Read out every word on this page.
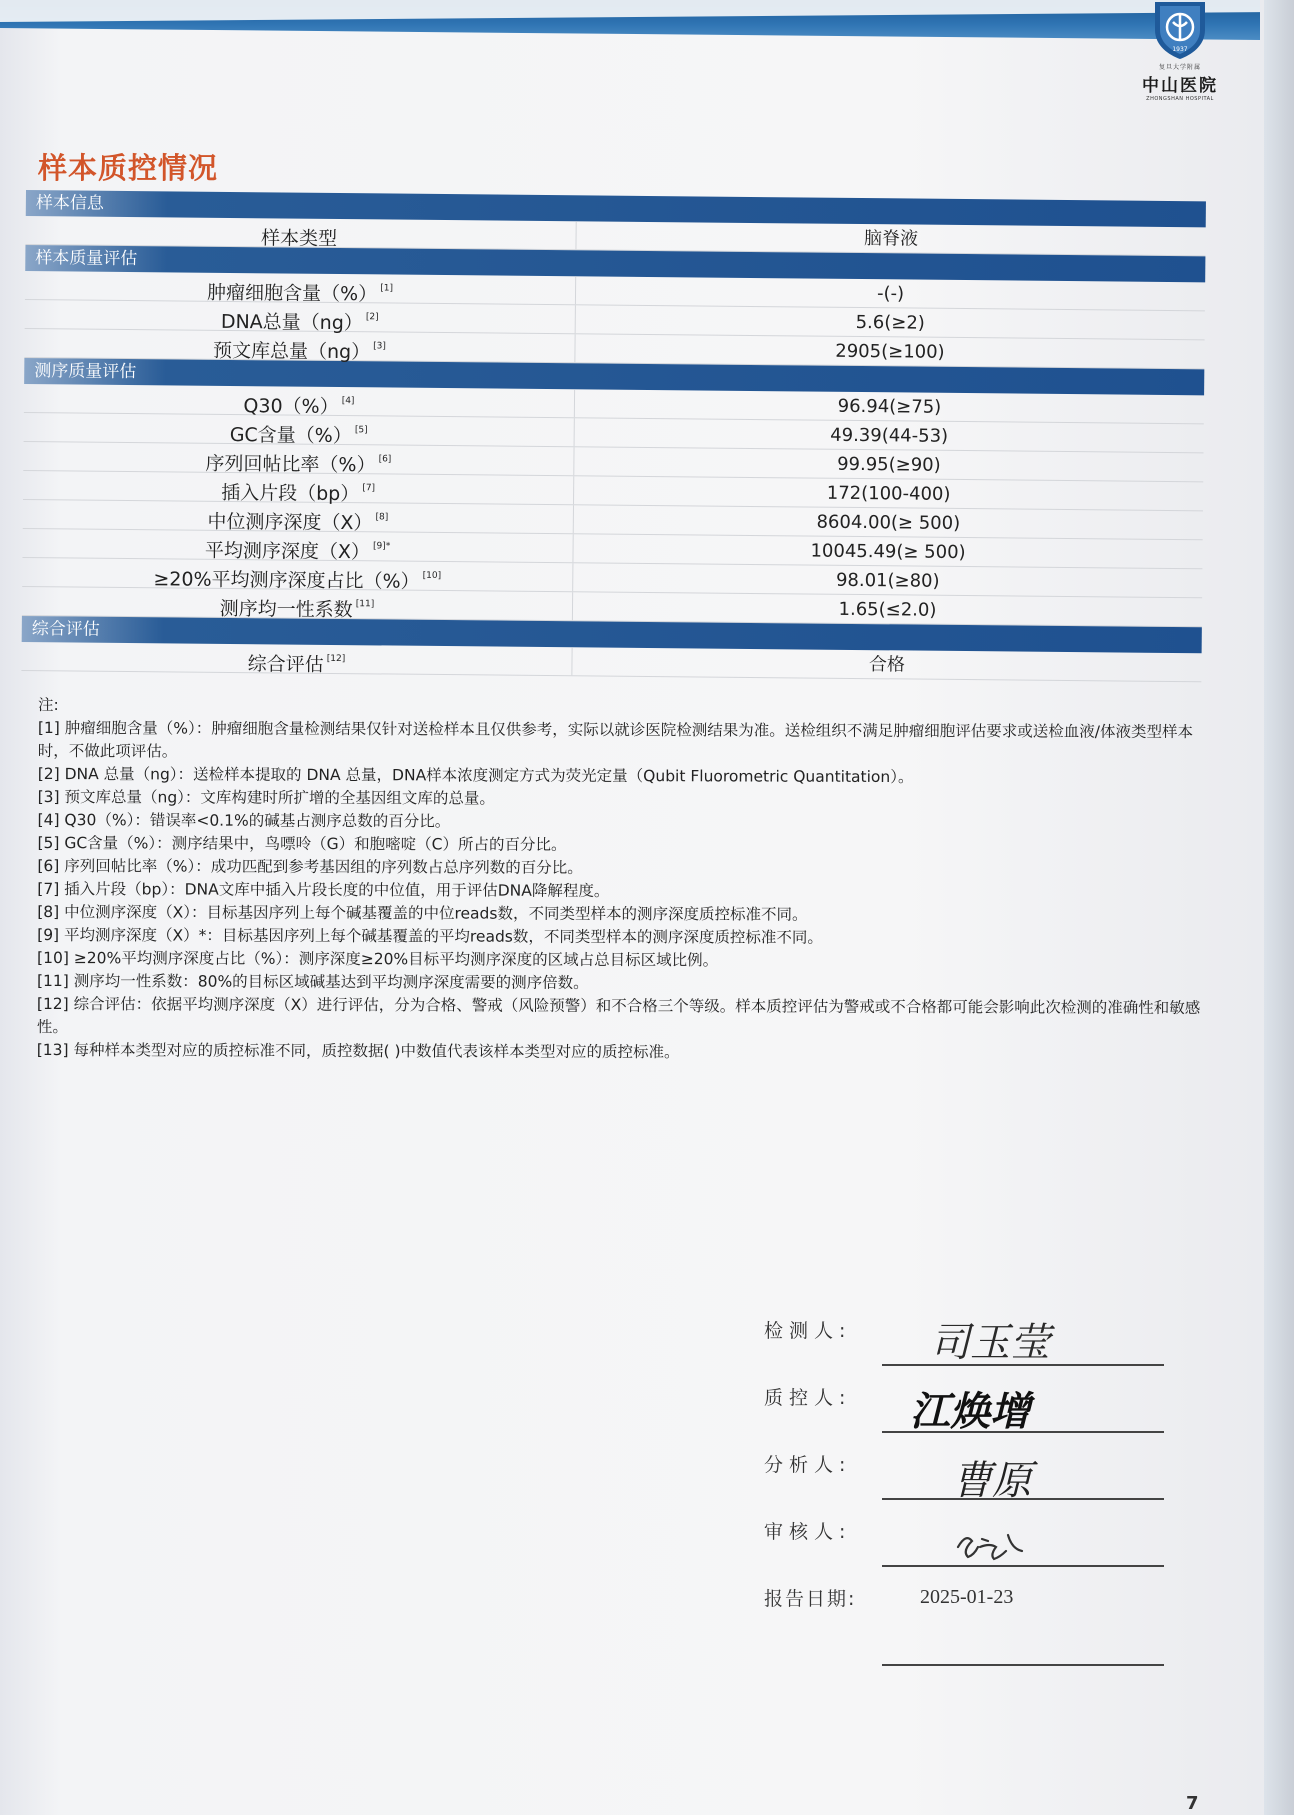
1937
复旦大学附属
中山医院
ZHONGSHAN HOSPITAL
样本质控情况
样本信息
样本类型	脑脊液
样本质量评估
肿瘤细胞含量（%） [1]	-(-)
DNA总量（ng） [2]	5.6(≥2)
预文库总量（ng） [3]	2905(≥100)
测序质量评估
Q30（%） [4]	96.94(≥75)
GC含量（%） [5]	49.39(44-53)
序列回帖比率（%） [6]	99.95(≥90)
插入片段（bp） [7]	172(100-400)
中位测序深度（X） [8]	8604.00(≥ 500)
平均测序深度（X） $^{[9]*}$	10045.49(≥ 500)
≥20%平均测序深度占比（%） [10]	98.01(≥80)
测序均一性系数 [11]	1.65(≤2.0)
综合评估
综合评估 [12]	合格
注:

[1] 肿瘤细胞含量（%）：肿瘤细胞含量检测结果仅针对送检样本且仅供参考，实际以就诊医院检测结果为准。送检组织不满足肿瘤细胞评估要求或送检血液/体液类型样本时，不做此项评估。

[2] DNA 总量（ng）：送检样本提取的 DNA 总量，DNA样本浓度测定方式为荧光定量（Qubit Fluorometric Quantitation）。

[3] 预文库总量（ng）：文库构建时所扩增的全基因组文库的总量。

[4] Q30（%）：错误率<0.1%的碱基占测序总数的百分比。

[5] GC含量（%）：测序结果中，鸟嘌呤（G）和胞嘧啶（C）所占的百分比。

[6] 序列回帖比率（%）：成功匹配到参考基因组的序列数占总序列数的百分比。

[7] 插入片段（bp）：DNA文库中插入片段长度的中位值，用于评估DNA降解程度。

[8] 中位测序深度（X）：目标基因序列上每个碱基覆盖的中位reads数，不同类型样本的测序深度质控标准不同。

[9] 平均测序深度（X）*：目标基因序列上每个碱基覆盖的平均reads数，不同类型样本的测序深度质控标准不同。

[10] ≥20%平均测序深度占比（%）：测序深度≥20%目标平均测序深度的区域占总目标区域比例。

[11] 测序均一性系数：80%的目标区域碱基达到平均测序深度需要的测序倍数。

[12] 综合评估：依据平均测序深度（X）进行评估，分为合格、警戒（风险预警）和不合格三个等级。样本质控评估为警戒或不合格都可能会影响此次检测的准确性和敏感性。

[13] 每种样本类型对应的质控标准不同，质控数据( )中数值代表该样本类型对应的质控标准。

检测人: 司玉莹
质控人: 江焕增
分析人:	曹原
审核人:
报告日期:	2025-01-23
7
